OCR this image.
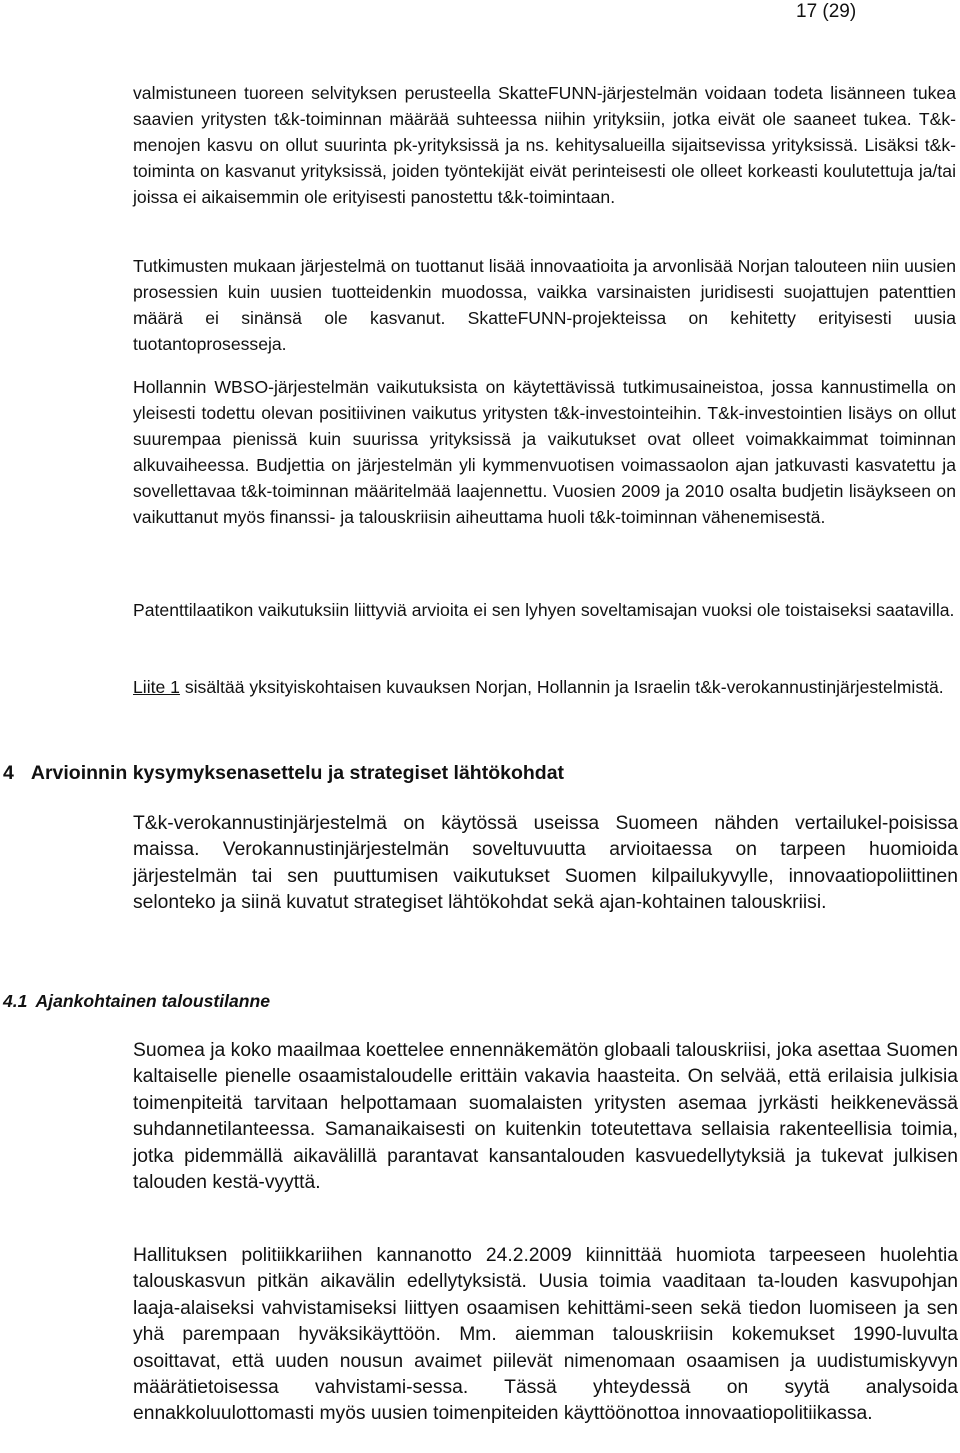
17 (29)

valmistuneen tuoreen selvityksen perusteella SkatteFUNN-järjestelmän voidaan todeta lisänneen tukea saavien yritysten t&k-toiminnan määrää suhteessa niihin yrityksiin, jotka eivät ole saaneet tukea. T&k-menojen kasvu on ollut suurinta pk-yrityksissä ja ns. kehitysalueilla sijaitsevissa yrityksissä. Lisäksi t&k-toiminta on kasvanut yrityksissä, joiden työntekijät eivät perinteisesti ole olleet korkeasti koulutettuja ja/tai joissa ei aikaisemmin ole erityisesti panostettu t&k-toimintaan.

Tutkimusten mukaan järjestelmä on tuottanut lisää innovaatioita ja arvonlisää Norjan talouteen niin uusien prosessien kuin uusien tuotteidenkin muodossa, vaikka varsinaisten juridisesti suojattujen patenttien määrä ei sinänsä ole kasvanut. SkatteFUNN-projekteissa on kehitetty erityisesti uusia tuotantoprosesseja.

Hollannin WBSO-järjestelmän vaikutuksista on käytettävissä tutkimusaineistoa, jossa kannustimella on yleisesti todettu olevan positiivinen vaikutus yritysten t&k-investointeihin. T&k-investointien lisäys on ollut suurempaa pienissä kuin suurissa yrityksissä ja vaikutukset ovat olleet voimakkaimmat toiminnan alkuvaiheessa. Budjettia on järjestelmän yli kymmenvuotisen voimassaolon ajan jatkuvasti kasvatettu ja sovellettavaa t&k-toiminnan määritelmää laajennettu. Vuosien 2009 ja 2010 osalta budjetin lisäykseen on vaikuttanut myös finanssi- ja talouskriisin aiheuttama huoli t&k-toiminnan vähenemisestä.

Patenttilaatikon vaikutuksiin liittyviä arvioita ei sen lyhyen soveltamisajan vuoksi ole toistaiseksi saatavilla.

Liite 1 sisältää yksityiskohtaisen kuvauksen Norjan, Hollannin ja Israelin t&k-verokannustinjärjestelmistä.

4 Arvioinnin kysymyksenasettelu ja strategiset lähtökohdat

T&k-verokannustinjärjestelmä on käytössä useissa Suomeen nähden vertailukel-poisissa maissa. Verokannustinjärjestelmän soveltuvuutta arvioitaessa on tarpeen huomioida järjestelmän tai sen puuttumisen vaikutukset Suomen kilpailukyvylle, innovaatiopoliittinen selonteko ja siinä kuvatut strategiset lähtökohdat sekä ajan-kohtainen talouskriisi.

4.1 Ajankohtainen taloustilanne

Suomea ja koko maailmaa koettelee ennennäkemätön globaali talouskriisi, joka asettaa Suomen kaltaiselle pienelle osaamistaloudelle erittäin vakavia haasteita. On selvää, että erilaisia julkisia toimenpiteitä tarvitaan helpottamaan suomalaisten yritysten asemaa jyrkästi heikkenevässä suhdannetilanteessa. Samanaikaisesti on kuitenkin toteutettava sellaisia rakenteellisia toimia, jotka pidemmällä aikavälillä parantavat kansantalouden kasvuedellytyksiä ja tukevat julkisen talouden kestä-vyyttä.

Hallituksen politiikkariihen kannanotto 24.2.2009 kiinnittää huomiota tarpeeseen huolehtia talouskasvun pitkän aikavälin edellytyksistä. Uusia toimia vaaditaan ta-louden kasvupohjan laaja-alaiseksi vahvistamiseksi liittyen osaamisen kehittämi-seen sekä tiedon luomiseen ja sen yhä parempaan hyväksikäyttöön. Mm. aiemman talouskriisin kokemukset 1990-luvulta osoittavat, että uuden nousun avaimet piilevät nimenomaan osaamisen ja uudistumiskyvyn määrätietoisessa vahvistami-sessa. Tässä yhteydessä on syytä analysoida ennakkoluulottomasti myös uusien toimenpiteiden käyttöönottoa innovaatiopolitiikassa.
